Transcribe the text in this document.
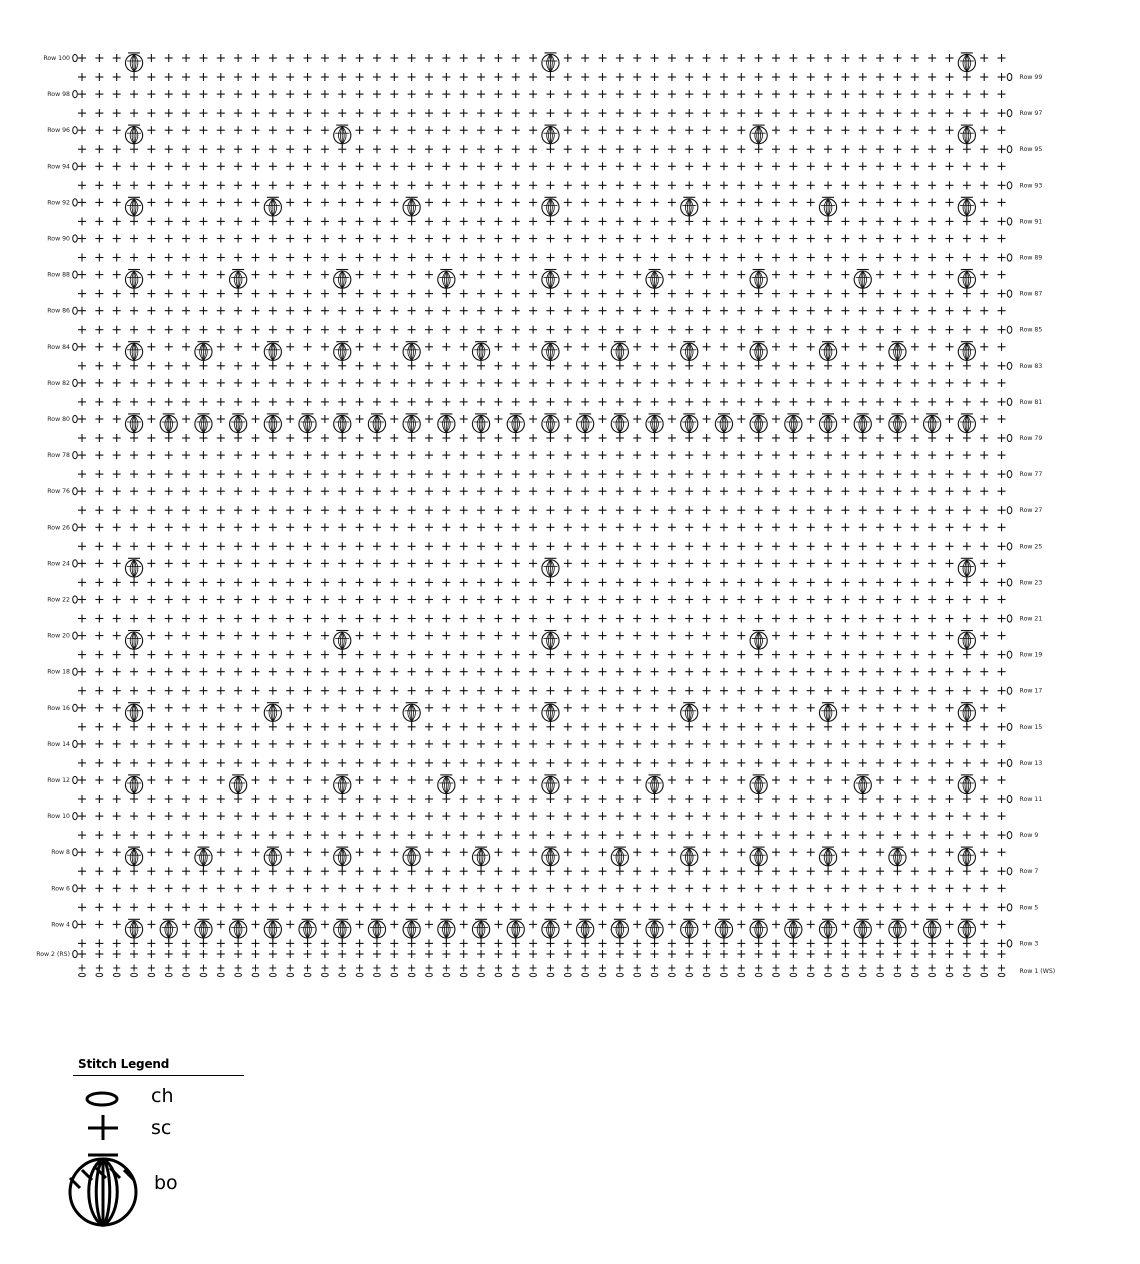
Row 100
Row 98
Row 96
Row 94
Row 92
Row 90
Row 88
Row 86
Row 84
Row 82
Row 80
Row 78
Row 76
Row 26
Row 24
Row 22
Row 20
Row 18
Row 16
Row 14
Row 12
Row 10
Row 8
Row 6
Row 4
Row 2 (RS)
Row 99
Row 97
Row 95
Row 93
Row 91
Row 89
Row 87
Row 85
Row 83
Row 81
Row 79
Row 77
Row 27
Row 25
Row 23
Row 21
Row 19
Row 17
Row 15
Row 13
Row 11
Row 9
Row 7
Row 5
Row 3
Row 1 (WS)
Stitch Legend
ch
sc
bo
